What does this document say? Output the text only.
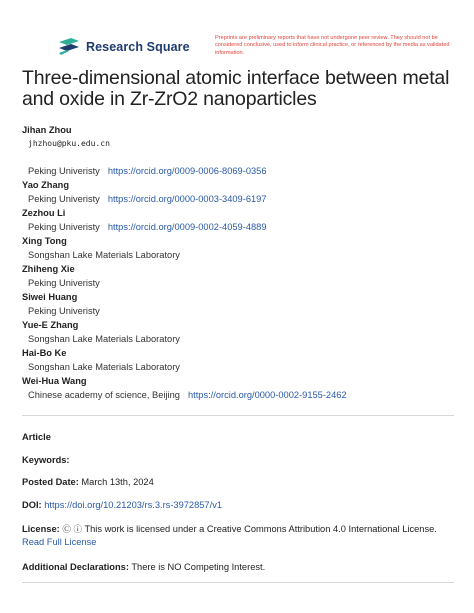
Research Square
Preprints are preliminary reports that have not undergone peer review. They should not be considered conclusive, used to inform clinical practice, or referenced by the media as validated information.
Three-dimensional atomic interface between metal and oxide in Zr-ZrO2 nanoparticles
Jihan Zhou
jhzhou@pku.edu.cn
Peking Univeristy https://orcid.org/0009-0006-8069-0356
Yao Zhang
Peking Univeristy https://orcid.org/0000-0003-3409-6197
Zezhou Li
Peking Univeristy https://orcid.org/0009-0002-4059-4889
Xing Tong
Songshan Lake Materials Laboratory
Zhiheng Xie
Peking Univeristy
Siwei Huang
Peking Univeristy
Yue-E Zhang
Songshan Lake Materials Laboratory
Hai-Bo Ke
Songshan Lake Materials Laboratory
Wei-Hua Wang
Chinese academy of science, Beijing https://orcid.org/0000-0002-9155-2462
Article
Keywords:
Posted Date: March 13th, 2024
DOI: https://doi.org/10.21203/rs.3.rs-3972857/v1
License: Ⓒ ⓘ This work is licensed under a Creative Commons Attribution 4.0 International License.
Read Full License
Additional Declarations: There is NO Competing Interest.
